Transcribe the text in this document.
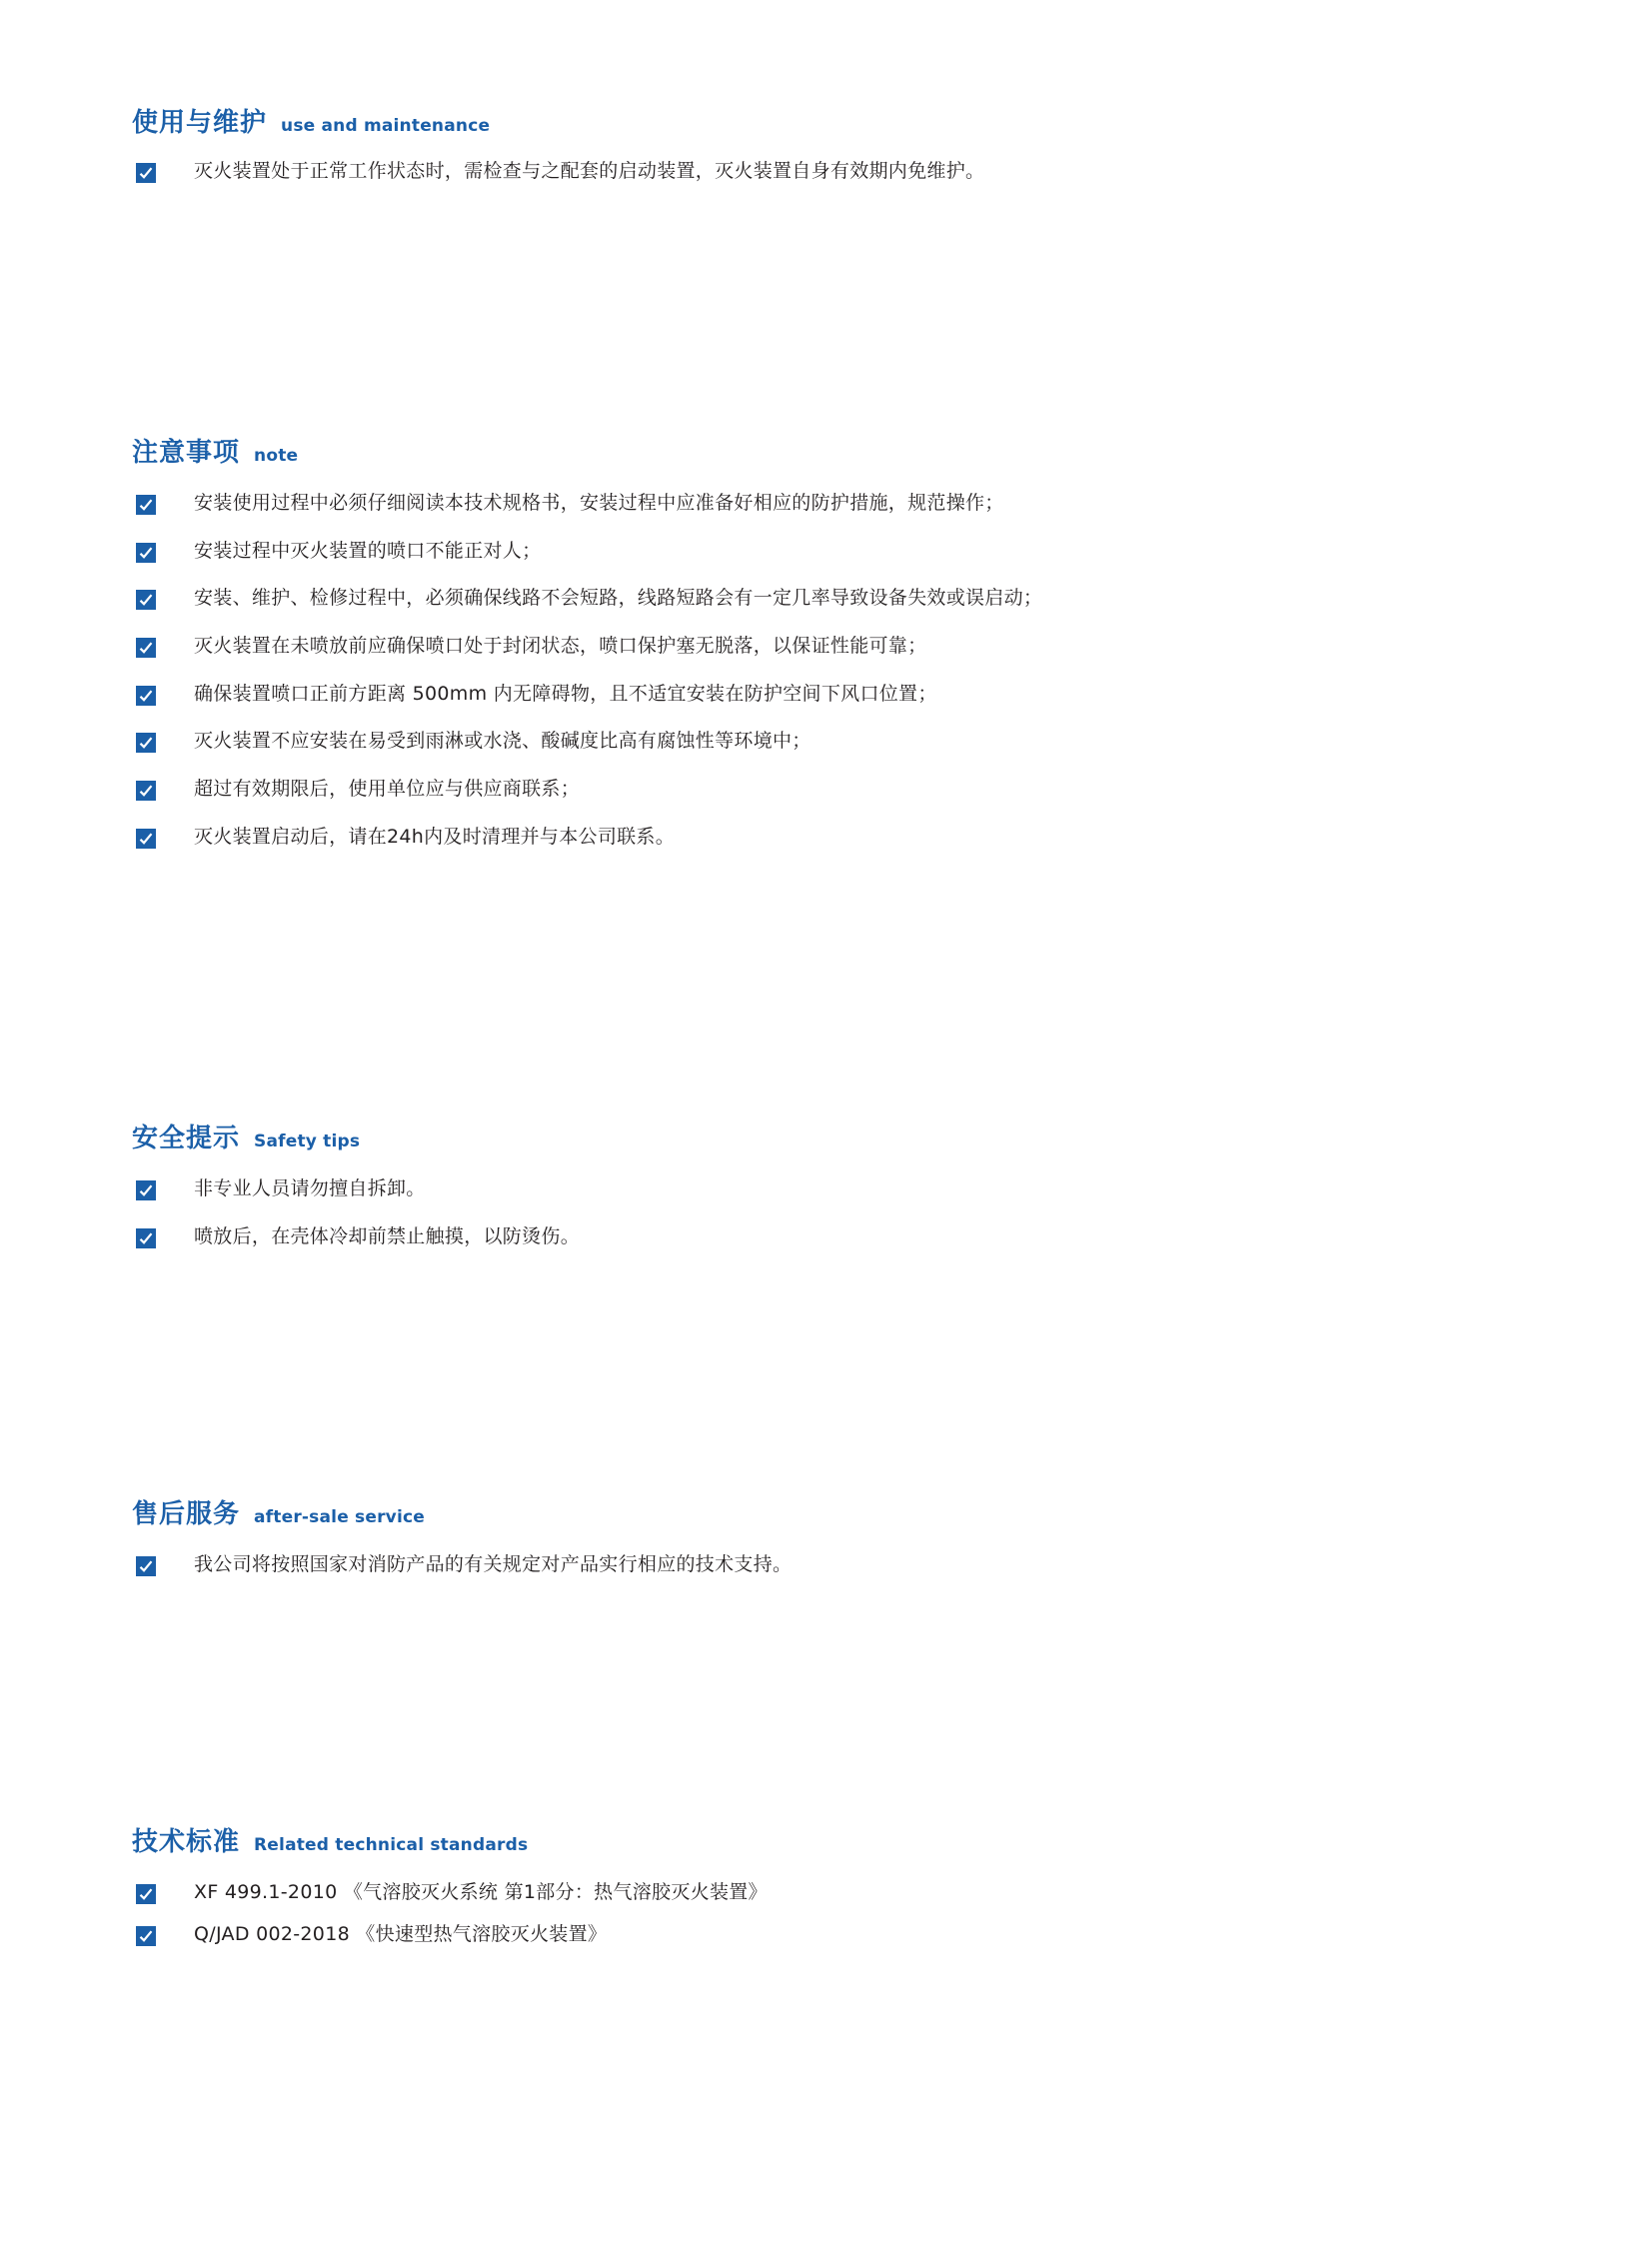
使用与维护 use and maintenance
灭火装置处于正常工作状态时，需检查与之配套的启动装置，灭火装置自身有效期内免维护。
注意事项 note
安装使用过程中必须仔细阅读本技术规格书，安装过程中应准备好相应的防护措施，规范操作；
安装过程中灭火装置的喷口不能正对人；
安装、维护、检修过程中，必须确保线路不会短路，线路短路会有一定几率导致设备失效或误启动；
灭火装置在未喷放前应确保喷口处于封闭状态，喷口保护塞无脱落，以保证性能可靠；
确保装置喷口正前方距离 500mm 内无障碍物，且不适宜安装在防护空间下风口位置；
灭火装置不应安装在易受到雨淋或水浇、酸碱度比高有腐蚀性等环境中；
超过有效期限后，使用单位应与供应商联系；
灭火装置启动后，请在24h内及时清理并与本公司联系。
安全提示 Safety tips
非专业人员请勿擅自拆卸。
喷放后，在壳体冷却前禁止触摸，以防烫伤。
售后服务 after-sale service
我公司将按照国家对消防产品的有关规定对产品实行相应的技术支持。
技术标准 Related technical standards
XF 499.1-2010 《气溶胶灭火系统 第1部分：热气溶胶灭火装置》
Q/JAD 002-2018 《快速型热气溶胶灭火装置》
